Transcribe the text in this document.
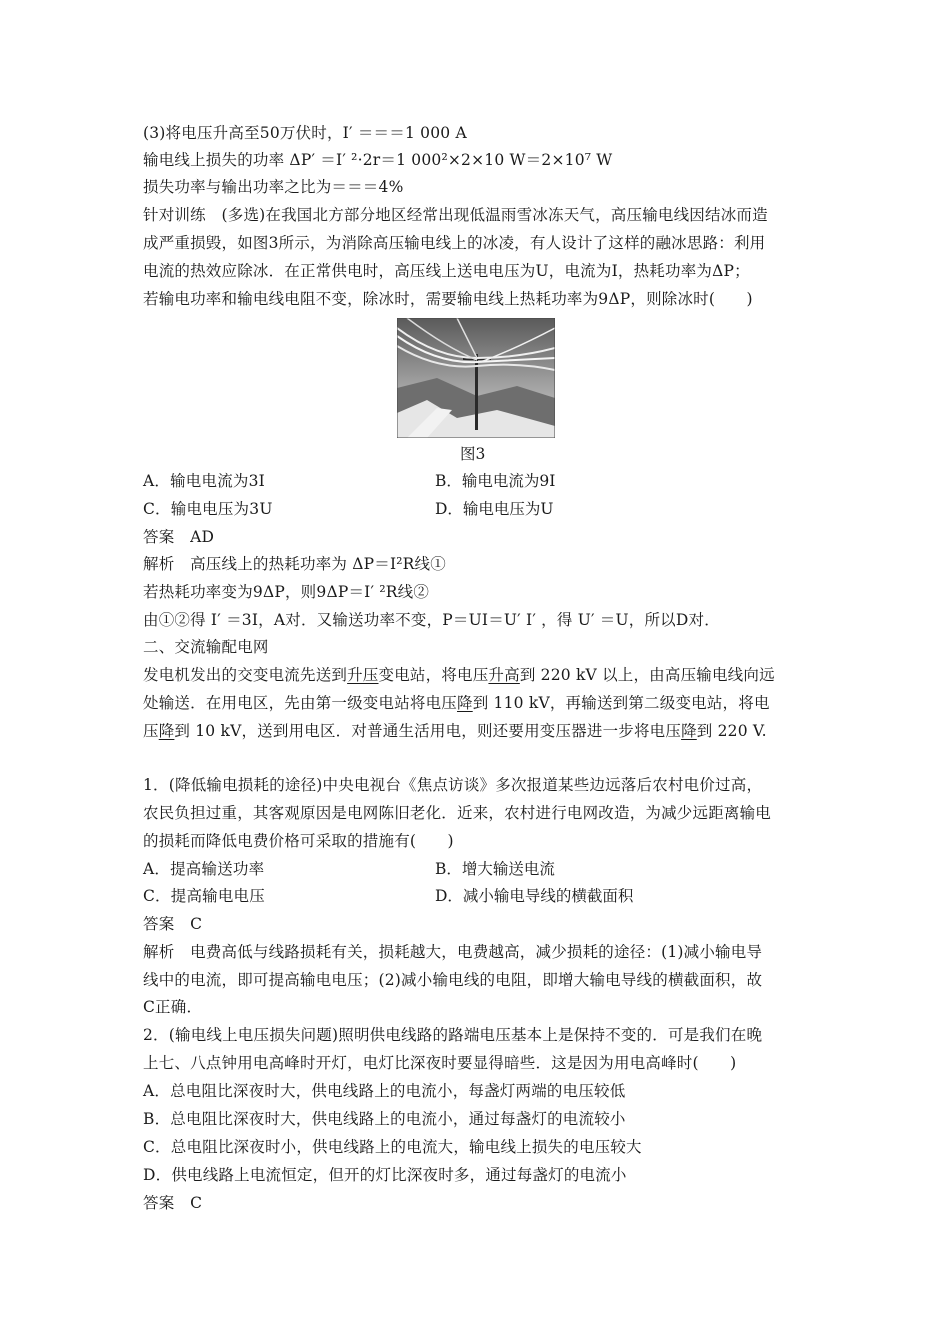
(3)将电压升高至50万伏时，I′ ＝＝＝1 000 A
输电线上损失的功率 ΔP′ ＝I′ ²·2r＝1 000²×2×10 W＝2×10⁷ W
损失功率与输出功率之比为＝＝＝4%
针对训练　(多选)在我国北方部分地区经常出现低温雨雪冰冻天气，高压输电线因结冰而造
成严重损毁，如图3所示，为消除高压输电线上的冰凌，有人设计了这样的融冰思路：利用
电流的热效应除冰．在正常供电时，高压线上送电电压为U，电流为I，热耗功率为ΔP；
若输电功率和输电线电阻不变，除冰时，需要输电线上热耗功率为9ΔP，则除冰时(　　)
图3
A．输电电流为3I	B．输电电流为9I
C．输电电压为3U	D．输电电压为U
答案　AD
解析　高压线上的热耗功率为 ΔP＝I²R线①
若热耗功率变为9ΔP，则9ΔP＝I′ ²R线②
由①②得 I′ ＝3I，A对．又输送功率不变，P＝UI＝U′ I′ ，得 U′ ＝U，所以D对．
二、交流输配电网
发电机发出的交变电流先送到升压变电站，将电压升高到 220 kV 以上，由高压输电线向远
处输送．在用电区，先由第一级变电站将电压降到 110 kV，再输送到第二级变电站，将电
压降到 10 kV，送到用电区．对普通生活用电，则还要用变压器进一步将电压降到 220 V.
1．(降低输电损耗的途径)中央电视台《焦点访谈》多次报道某些边远落后农村电价过高，
农民负担过重，其客观原因是电网陈旧老化．近来，农村进行电网改造，为减少远距离输电
的损耗而降低电费价格可采取的措施有(　　)
A．提高输送功率	B．增大输送电流
C．提高输电电压	D．减小输电导线的横截面积
答案　C
解析　电费高低与线路损耗有关，损耗越大，电费越高，减少损耗的途径：(1)减小输电导
线中的电流，即可提高输电电压；(2)减小输电线的电阻，即增大输电导线的横截面积，故
C正确．
2．(输电线上电压损失问题)照明供电线路的路端电压基本上是保持不变的．可是我们在晚
上七、八点钟用电高峰时开灯，电灯比深夜时要显得暗些．这是因为用电高峰时(　　)
A．总电阻比深夜时大，供电线路上的电流小，每盏灯两端的电压较低
B．总电阻比深夜时大，供电线路上的电流小，通过每盏灯的电流较小
C．总电阻比深夜时小，供电线路上的电流大，输电线上损失的电压较大
D．供电线路上电流恒定，但开的灯比深夜时多，通过每盏灯的电流小
答案　C
